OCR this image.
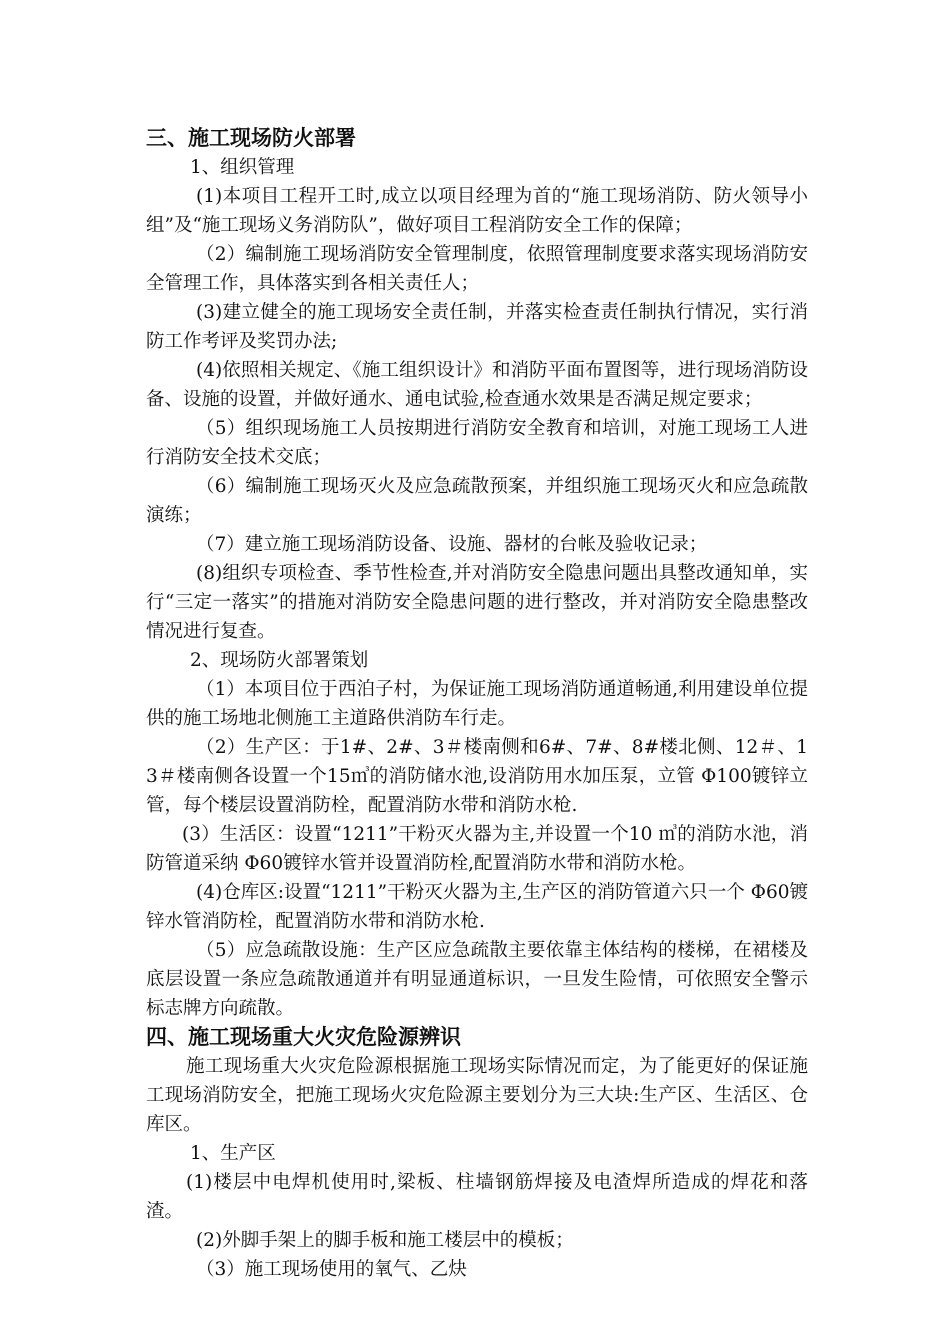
三、施工现场防火部署
1、组织管理
(1)本项目工程开工时,成立以项目经理为首的“施工现场消防、防火领导小组”及“施工现场义务消防队”，做好项目工程消防安全工作的保障；
（2）编制施工现场消防安全管理制度，依照管理制度要求落实现场消防安全管理工作，具体落实到各相关责任人；
(3)建立健全的施工现场安全责任制，并落实检查责任制执行情况，实行消防工作考评及奖罚办法;
(4)依照相关规定、《施工组织设计》和消防平面布置图等，进行现场消防设备、设施的设置，并做好通水、通电试验,检查通水效果是否满足规定要求；
（5）组织现场施工人员按期进行消防安全教育和培训，对施工现场工人进行消防安全技术交底；
（6）编制施工现场灭火及应急疏散预案，并组织施工现场灭火和应急疏散演练；
（7）建立施工现场消防设备、设施、器材的台帐及验收记录；
(8)组织专项检查、季节性检查,并对消防安全隐患问题出具整改通知单，实行“三定一落实”的措施对消防安全隐患问题的进行整改，并对消防安全隐患整改情况进行复查。
2、现场防火部署策划
（1）本项目位于西泊子村，为保证施工现场消防通道畅通,利用建设单位提供的施工场地北侧施工主道路供消防车行走。
（2）生产区：于1#、2#、3＃楼南侧和6#、7#、8#楼北侧、12＃、13＃楼南侧各设置一个15㎥的消防储水池,设消防用水加压泵，立管 Φ100镀锌立管，每个楼层设置消防栓，配置消防水带和消防水枪.
(3）生活区：设置“1211”干粉灭火器为主,并设置一个10 ㎥的消防水池，消防管道采纳 Φ60镀锌水管并设置消防栓,配置消防水带和消防水枪。
(4)仓库区:设置“1211”干粉灭火器为主,生产区的消防管道六只一个 Φ60镀锌水管消防栓，配置消防水带和消防水枪.
（5）应急疏散设施：生产区应急疏散主要依靠主体结构的楼梯，在裙楼及底层设置一条应急疏散通道并有明显通道标识，一旦发生险情，可依照安全警示标志牌方向疏散。
四、施工现场重大火灾危险源辨识
施工现场重大火灾危险源根据施工现场实际情况而定，为了能更好的保证施工现场消防安全，把施工现场火灾危险源主要划分为三大块:生产区、生活区、仓库区。
1、生产区
(1)楼层中电焊机使用时,梁板、柱墙钢筋焊接及电渣焊所造成的焊花和落渣。
(2)外脚手架上的脚手板和施工楼层中的模板；
（3）施工现场使用的氧气、乙炔
